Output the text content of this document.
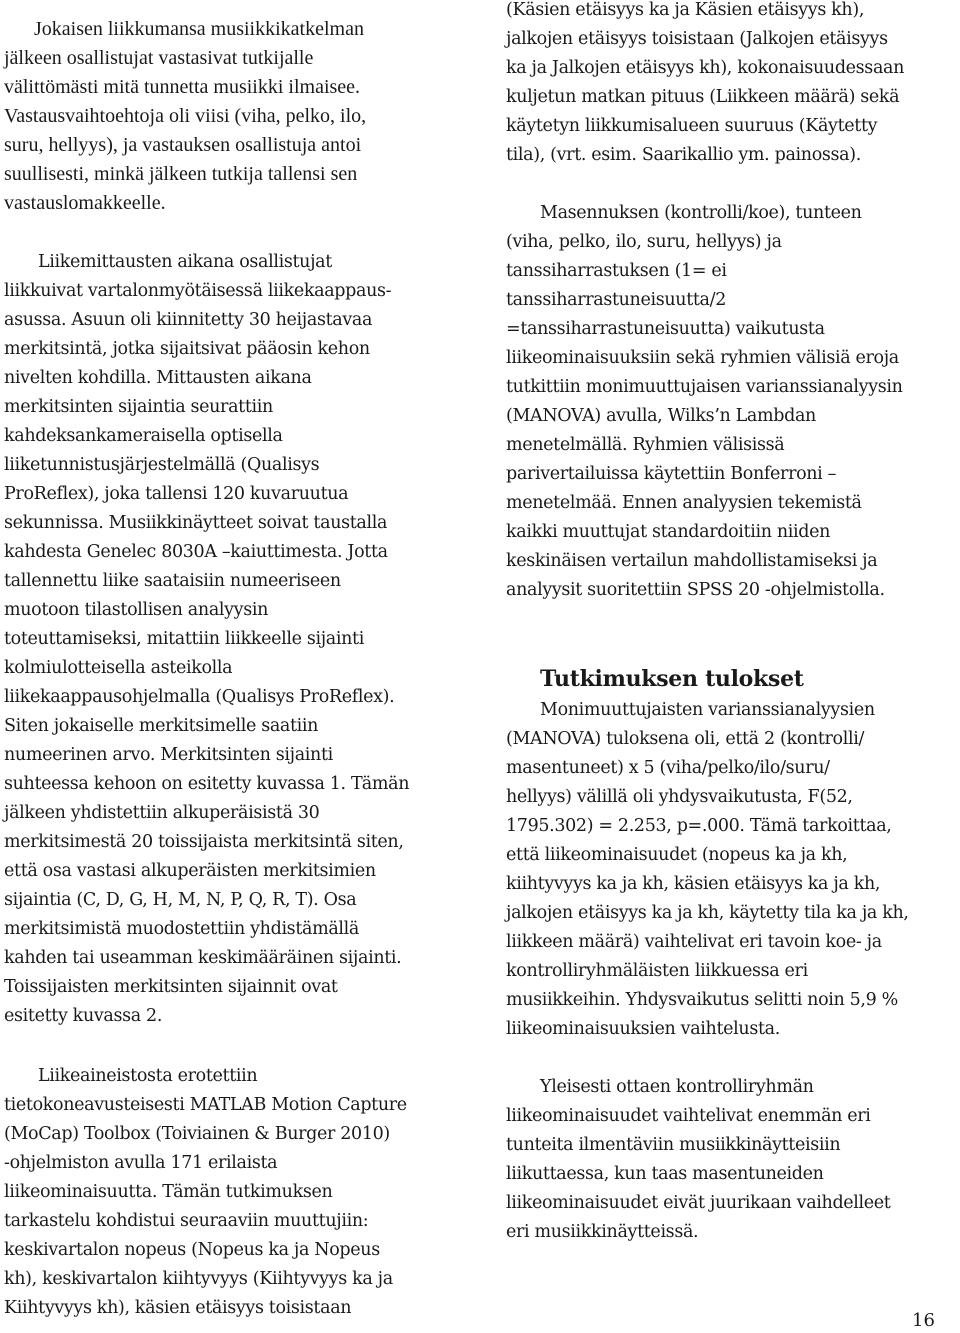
Jokaisen liikkumansa musiikkikatkelman
jälkeen osallistujat vastasivat tutkijalle
välittömästi mitä tunnetta musiikki ilmaisee.
Vastausvaihtoehtoja oli viisi (viha, pelko, ilo,
suru, hellyys), ja vastauksen osallistuja antoi
suullisesti, minkä jälkeen tutkija tallensi sen
vastauslomakkeelle.
Liikemittausten aikana osallistujat
liikkuivat vartalonmyötäisessä liikekaappaus-
asussa. Asuun oli kiinnitetty 30 heijastavaa
merkitsintä, jotka sijaitsivat pääosin kehon
nivelten kohdilla. Mittausten aikana
merkitsinten sijaintia seurattiin
kahdeksankameraisella optisella
liiketunnistusjärjestelmällä (Qualisys
ProReflex), joka tallensi 120 kuvaruutua
sekunnissa. Musiikkinäytteet soivat taustalla
kahdesta Genelec 8030A –kaiuttimesta. Jotta
tallennettu liike saataisiin numeeriseen
muotoon tilastollisen analyysin
toteuttamiseksi, mitattiin liikkeelle sijainti
kolmiulotteisella asteikolla
liikekaappausohjelmalla (Qualisys ProReflex).
Siten jokaiselle merkitsimelle saatiin
numeerinen arvo. Merkitsinten sijainti
suhteessa kehoon on esitetty kuvassa 1. Tämän
jälkeen yhdistettiin alkuperäisistä 30
merkitsimestä 20 toissijaista merkitsintä siten,
että osa vastasi alkuperäisten merkitsimien
sijaintia (C, D, G, H, M, N, P, Q, R, T). Osa
merkitsimistä muodostettiin yhdistämällä
kahden tai useamman keskimääräinen sijainti.
Toissijaisten merkitsinten sijainnit ovat
esitetty kuvassa 2.
Liikeaineistosta erotettiin
tietokoneavusteisesti MATLAB Motion Capture
(MoCap) Toolbox (Toiviainen & Burger 2010)
-ohjelmiston avulla 171 erilaista
liikeominaisuutta. Tämän tutkimuksen
tarkastelu kohdistui seuraaviin muuttujiin:
keskivartalon nopeus (Nopeus ka ja Nopeus
kh), keskivartalon kiihtyvyys (Kiihtyvyys ka ja
Kiihtyvyys kh), käsien etäisyys toisistaan
(Käsien etäisyys ka ja Käsien etäisyys kh),
jalkojen etäisyys toisistaan (Jalkojen etäisyys
ka ja Jalkojen etäisyys kh), kokonaisuudessaan
kuljetun matkan pituus (Liikkeen määrä) sekä
käytetyn liikkumisalueen suuruus (Käytetty
tila), (vrt. esim. Saarikallio ym. painossa).
Masennuksen (kontrolli/koe), tunteen
(viha, pelko, ilo, suru, hellyys) ja
tanssiharrastuksen (1= ei
tanssiharrastuneisuutta/2
=tanssiharrastuneisuutta) vaikutusta
liikeominaisuuksiin sekä ryhmien välisiä eroja
tutkittiin monimuuttujaisen varianssianalyysin
(MANOVA) avulla, Wilks’n Lambdan
menetelmällä. Ryhmien välisissä
parivertailuissa käytettiin Bonferroni –
menetelmää. Ennen analyysien tekemistä
kaikki muuttujat standardoitiin niiden
keskinäisen vertailun mahdollistamiseksi ja
analyysit suoritettiin SPSS 20 -ohjelmistolla.
Tutkimuksen tulokset
Monimuuttujaisten varianssianalyysien
(MANOVA) tuloksena oli, että 2 (kontrolli/
masentuneet) x 5 (viha/pelko/ilo/suru/
hellyys) välillä oli yhdysvaikutusta, F(52,
1795.302) = 2.253, p=.000. Tämä tarkoittaa,
että liikeominaisuudet (nopeus ka ja kh,
kiihtyvyys ka ja kh, käsien etäisyys ka ja kh,
jalkojen etäisyys ka ja kh, käytetty tila ka ja kh,
liikkeen määrä) vaihtelivat eri tavoin koe- ja
kontrolliryhmäläisten liikkuessa eri
musiikkeihin. Yhdysvaikutus selitti noin 5,9 %
liikeominaisuuksien vaihtelusta.
Yleisesti ottaen kontrolliryhmän
liikeominaisuudet vaihtelivat enemmän eri
tunteita ilmentäviin musiikkinäytteisiin
liikuttaessa, kun taas masentuneiden
liikeominaisuudet eivät juurikaan vaihdelleet
eri musiikkinäytteissä.
16
